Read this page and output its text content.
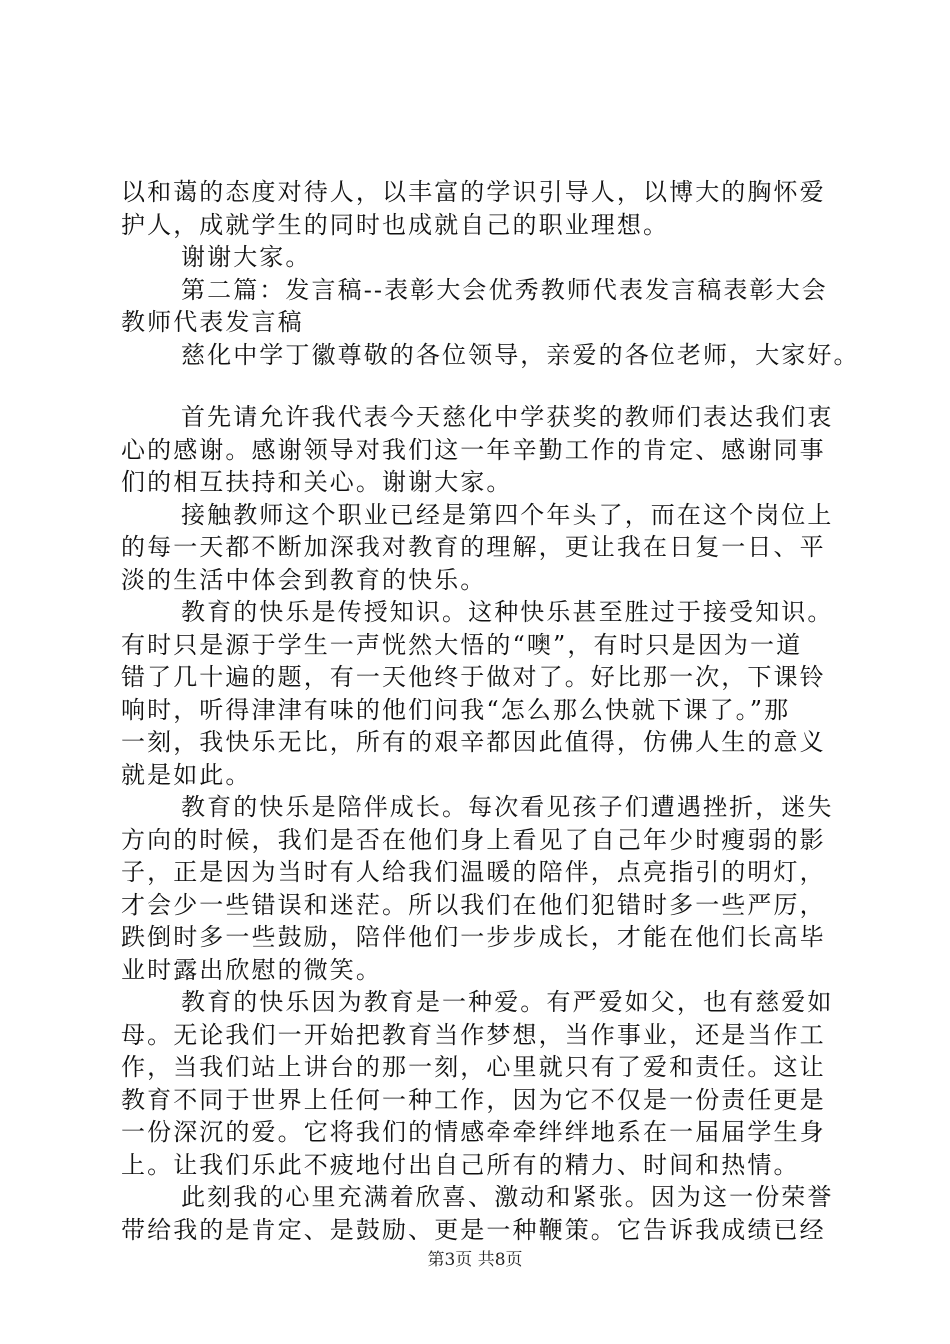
以和蔼的态度对待人，以丰富的学识引导人，以博大的胸怀爱
护人，成就学生的同时也成就自己的职业理想。
谢谢大家。
第二篇：发言稿--表彰大会优秀教师代表发言稿表彰大会
教师代表发言稿
慈化中学丁徽尊敬的各位领导，亲爱的各位老师，大家好。
首先请允许我代表今天慈化中学获奖的教师们表达我们衷
心的感谢。感谢领导对我们这一年辛勤工作的肯定、感谢同事
们的相互扶持和关心。谢谢大家。
接触教师这个职业已经是第四个年头了，而在这个岗位上
的每一天都不断加深我对教育的理解，更让我在日复一日、平
淡的生活中体会到教育的快乐。
教育的快乐是传授知识。这种快乐甚至胜过于接受知识。
有时只是源于学生一声恍然大悟的“噢”，有时只是因为一道
错了几十遍的题，有一天他终于做对了。好比那一次，下课铃
响时，听得津津有味的他们问我“怎么那么快就下课了。”那
一刻，我快乐无比，所有的艰辛都因此值得，仿佛人生的意义
就是如此。
教育的快乐是陪伴成长。每次看见孩子们遭遇挫折，迷失
方向的时候，我们是否在他们身上看见了自己年少时瘦弱的影
子，正是因为当时有人给我们温暖的陪伴，点亮指引的明灯，
才会少一些错误和迷茫。所以我们在他们犯错时多一些严厉，
跌倒时多一些鼓励，陪伴他们一步步成长，才能在他们长高毕
业时露出欣慰的微笑。
教育的快乐因为教育是一种爱。有严爱如父，也有慈爱如
母。无论我们一开始把教育当作梦想，当作事业，还是当作工
作，当我们站上讲台的那一刻，心里就只有了爱和责任。这让
教育不同于世界上任何一种工作，因为它不仅是一份责任更是
一份深沉的爱。它将我们的情感牵牵绊绊地系在一届届学生身
上。让我们乐此不疲地付出自己所有的精力、时间和热情。
此刻我的心里充满着欣喜、激动和紧张。因为这一份荣誉
带给我的是肯定、是鼓励、更是一种鞭策。它告诉我成绩已经
第3页 共8页
